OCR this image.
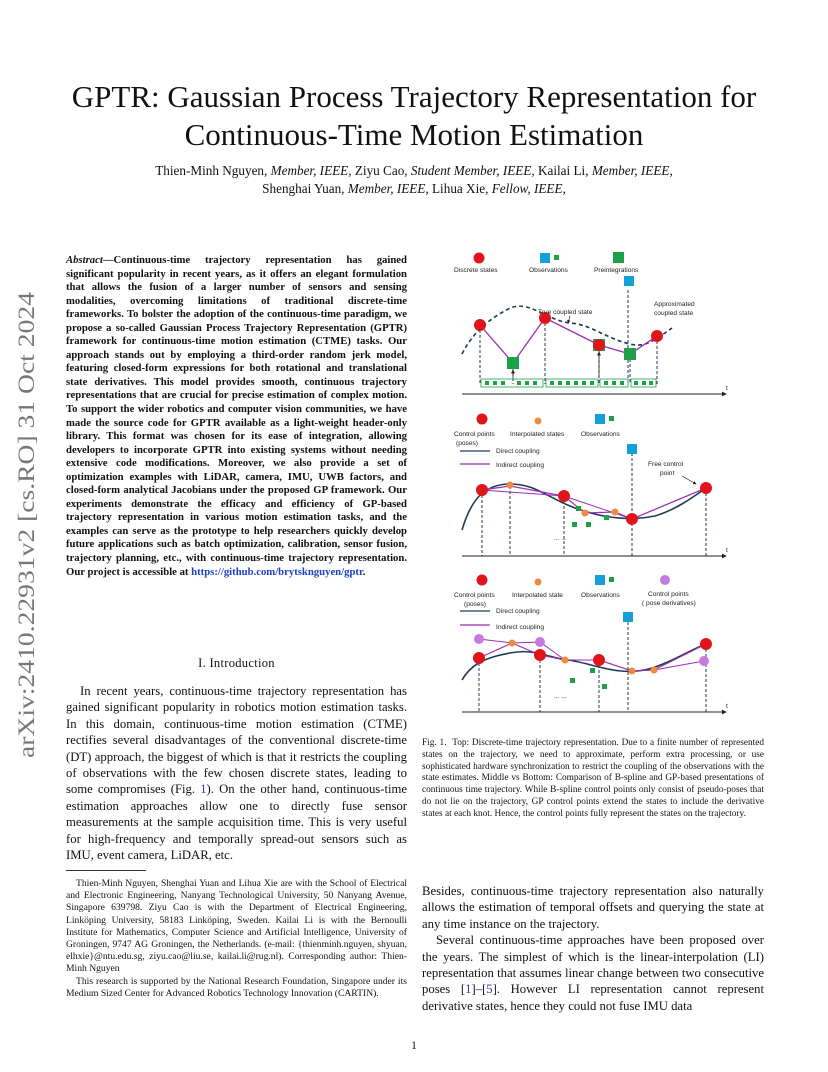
arXiv:2410.22931v2 [cs.RO] 31 Oct 2024
GPTR: Gaussian Process Trajectory Representation for Continuous-Time Motion Estimation
Thien-Minh Nguyen, Member, IEEE, Ziyu Cao, Student Member, IEEE, Kailai Li, Member, IEEE,
Shenghai Yuan, Member, IEEE, Lihua Xie, Fellow, IEEE,
Abstract—Continuous-time trajectory representation has gained significant popularity in recent years, as it offers an elegant formulation that allows the fusion of a larger number of sensors and sensing modalities, overcoming limitations of traditional discrete-time frameworks. To bolster the adoption of the continuous-time paradigm, we propose a so-called Gaussian Process Trajectory Representation (GPTR) framework for continuous-time motion estimation (CTME) tasks. Our approach stands out by employing a third-order random jerk model, featuring closed-form expressions for both rotational and translational state derivatives. This model provides smooth, continuous trajectory representations that are crucial for precise estimation of complex motion. To support the wider robotics and computer vision communities, we have made the source code for GPTR available as a light-weight header-only library. This format was chosen for its ease of integration, allowing developers to incorporate GPTR into existing systems without needing extensive code modifications. Moreover, we also provide a set of optimization examples with LiDAR, camera, IMU, UWB factors, and closed-form analytical Jacobians under the proposed GP framework. Our experiments demonstrate the efficacy and efficiency of GP-based trajectory representation in various motion estimation tasks, and the examples can serve as the prototype to help researchers quickly develop future applications such as batch optimization, calibration, sensor fusion, trajectory planning, etc., with continuous-time trajectory representation. Our project is accessible at https://github.com/brytsknguyen/gptr.
I. Introduction
In recent years, continuous-time trajectory representation has gained significant popularity in robotics motion estimation tasks. In this domain, continuous-time motion estimation (CTME) rectifies several disadvantages of the conventional discrete-time (DT) approach, the biggest of which is that it restricts the coupling of observations with the few chosen discrete states, leading to some compromises (Fig. 1). On the other hand, continuous-time estimation approaches allow one to directly fuse sensor measurements at the sample acquisition time. This is very useful for high-frequency and temporally spread-out sensors such as IMU, event camera, LiDAR, etc.

Thien-Minh Nguyen, Shenghai Yuan and Lihua Xie are with the School of Electrical and Electronic Engineering, Nanyang Technological University, 50 Nanyang Avenue, Singapore 639798. Ziyu Cao is with the Department of Electrical Engineering, Linköping University, 58183 Linköping, Sweden. Kailai Li is with the Bernoulli Institute for Mathematics, Computer Science and Artificial Intelligence, University of Groningen, 9747 AG Groningen, the Netherlands. (e-mail: {thienminh.nguyen, shyuan, elhxie}@ntu.edu.sg, ziyu.cao@liu.se, kailai.li@rug.nl). Corresponding author: Thien-Minh Nguyen

This research is supported by the National Research Foundation, Singapore under its Medium Sized Center for Advanced Robotics Technology Innovation (CARTIN).

Discrete states	Observations	Preintegrations
t
True coupled state
Approximated
coupled state
Control points
(poses)
Interpolated states	Observations
Direct coupling
Indirect coupling	Free control
point
t
... ...
Control points
(poses)
Interpolated state	Observations	Control points
( pose derivatives)
Direct coupling
Indirect coupling
t
... ...
Fig. 1. Top: Discrete-time trajectory representation. Due to a finite number of represented states on the trajectory, we need to approximate, perform extra processing, or use sophisticated hardware synchronization to restrict the coupling of the observations with the state estimates. Middle vs Bottom: Comparison of B-spline and GP-based presentations of continuous time trajectory. While B-spline control points only consist of pseudo-poses that do not lie on the trajectory, GP control points extend the states to include the derivative states at each knot. Hence, the control points fully represent the states on the trajectory.

Besides, continuous-time trajectory representation also naturally allows the estimation of temporal offsets and querying the state at any time instance on the trajectory.

Several continuous-time approaches have been proposed over the years. The simplest of which is the linear-interpolation (LI) representation that assumes linear change between two consecutive poses [1]–[5]. However LI representation cannot represent derivative states, hence they could not fuse IMU data

1
